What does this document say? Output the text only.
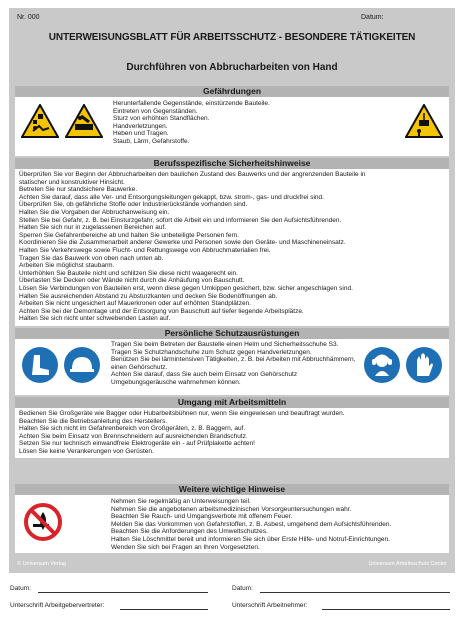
Nr. 000	Datum:
UNTERWEISUNGSBLATT FÜR ARBEITSSCHUTZ - BESONDERE TÄTIGKEITEN
Durchführen von Abbrucharbeiten von Hand
Gefährdungen
Herunterfallende Gegenstände, einstürzende Bauteile.
Eintreten von Gegenständen.
Sturz von erhöhten Standflächen.
Handverletzungen.
Heben und Tragen.
Staub, Lärm, Gefahrstoffe.
Berufsspezifische Sicherheitshinweise
Überprüfen Sie vor Beginn der Abbrucharbeiten den baulichen Zustand des Bauwerks und der angrenzenden Bauteile in
statischer und konstruktiver Hinsicht.
Betreten Sie nur standsichere Bauwerke.
Achten Sie darauf, dass alle Ver- und Entsorgungsleitungen gekappt, bzw. strom-, gas- und druckfrei sind.
Überprüfen Sie, ob gefährliche Stoffe oder Industrierückstände vorhanden sind.
Halten Sie die Vorgaben der Abbruchanweisung ein.
Stellen Sie bei Gefahr, z. B. bei Einsturzgefahr, sofort die Arbeit ein und informieren Sie den Aufsichtsführenden.
Halten Sie sich nur in zugelassenen Bereichen auf.
Sperren Sie Gefahrenbereiche ab und halten Sie unbeteiligte Personen fern.
Koordinieren Sie die Zusammenarbeit anderer Gewerke und Personen sowie den Geräte- und Maschineneinsatz.
Halten Sie Verkehrswege sowie Flucht- und Rettungswege von Abbruchmaterialien frei.
Tragen Sie das Bauwerk von oben nach unten ab.
Arbeiten Sie möglichst staubarm.
Unterhöhlen Sie Bauteile nicht und schlitzen Sie diese nicht waagerecht ein.
Überlasten Sie Decken oder Wände nicht durch die Anhäufung von Bauschutt.
Lösen Sie Verbindungen von Bauteilen erst, wenn diese gegen Umkippen gesichert, bzw. sicher angeschlagen sind.
Halten Sie ausreichenden Abstand zu Absturzkanten und decken Sie Bodenöffnungen ab.
Arbeiten Sie nicht ungesichert auf Mauerkronen oder auf erhöhten Standplätzen.
Achten Sie bei der Demontage und der Entsorgung von Bauschutt auf tiefer liegende Arbeitsplätze.
Halten Sie sich nicht unter schwebenden Lasten auf.
Persönliche Schutzausrüstungen
Tragen Sie beim Betreten der Baustelle einen Helm und Sicherheitsschuhe S3.
Tragen Sie Schutzhandschuhe zum Schutz gegen Handverletzungen.
Benützen Sie bei lärmintensiven Tätigkeiten, z. B. bei Arbeiten mit Abbruchhämmern,
einen Gehörschutz.
Achten Sie darauf, dass Sie auch beim Einsatz von Gehörschutz
Umgebungsgeräusche wahrnehmen können.
Umgang mit Arbeitsmitteln
Bedienen Sie Großgeräte wie Bagger oder Hubarbeitsbühnen nur, wenn Sie eingewiesen und beauftragt wurden.
Beachten Sie die Betriebsanleitung des Herstellers.
Halten Sie sich nicht im Gefahrenbereich von Großgeräten, z. B. Baggern, auf.
Achten Sie beim Einsatz von Brennschneidern auf ausreichenden Brandschutz.
Setzen Sie nur technisch einwandfreie Elektrogeräte ein - auf Prüfplakette achten!
Lösen Sie keine Verankerungen von Gerüsten.
Weitere wichtige Hinweise
Nehmen Sie regelmäßig an Unterweisungen teil.
Nehmen Sie die angebotenen arbeitsmedizinischen Vorsorgeuntersuchungen wahr.
Beachten Sie Rauch- und Umgangsverbote mit offenem Feuer.
Melden Sie das Vorkommen von Gefahrstoffen, z. B. Asbest, umgehend dem Aufsichtsführenden.
Beachten Sie die Anforderungen des Umweltschutzes.
Halten Sie Löschmittel bereit und informieren Sie sich über Erste Hilfe- und Notruf-Einrichtungen.
Wenden Sie sich bei Fragen an Ihren Vorgesetzten.
© Universum Verlag	Universum Arbeitsschutz Center
Datum:	Datum:
Unterschrift Arbeitgebervertreter:	Unterschrift Arbeitnehmer:
